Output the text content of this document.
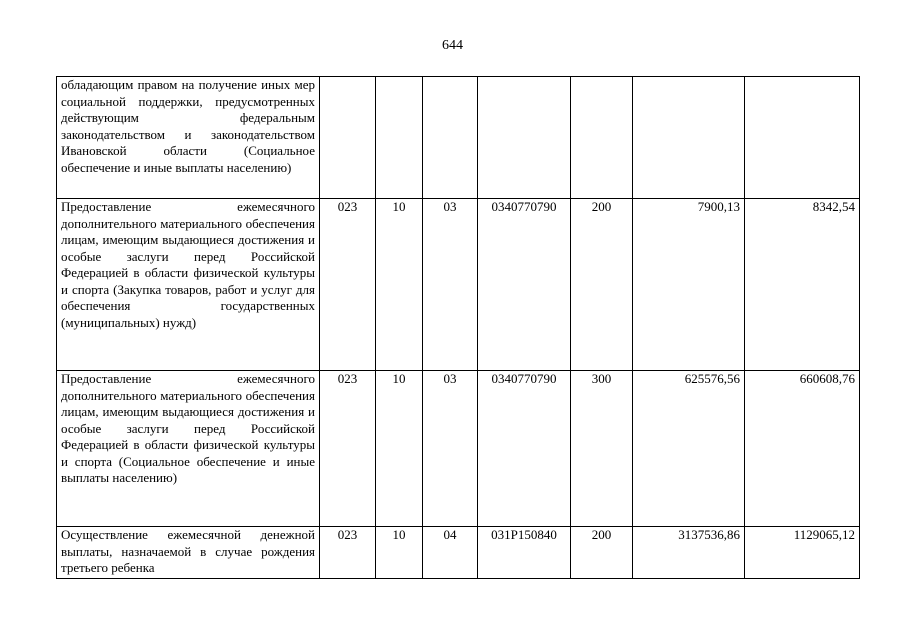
644
обладающим правом на получение иных мер социальной поддержки, предусмотренных действующим федеральным законодательством и законодательством Ивановской области (Социальное обеспечение и иные выплаты населению)							
Предоставление ежемесячного дополнительного материального обеспечения лицам, имеющим выдающиеся достижения и особые заслуги перед Российской Федерацией в области физической культуры и спорта (Закупка товаров, работ и услуг для обеспечения государственных (муниципальных) нужд)	023	10	03	0340770790	200	7900,13	8342,54
Предоставление ежемесячного дополнительного материального обеспечения лицам, имеющим выдающиеся достижения и особые заслуги перед Российской Федерацией в области физической культуры и спорта (Социальное обеспечение и иные выплаты населению)	023	10	03	0340770790	300	625576,56	660608,76
Осуществление ежемесячной денежной выплаты, назначаемой в случае рождения третьего ребенка	023	10	04	031P150840	200	3137536,86	1129065,12
